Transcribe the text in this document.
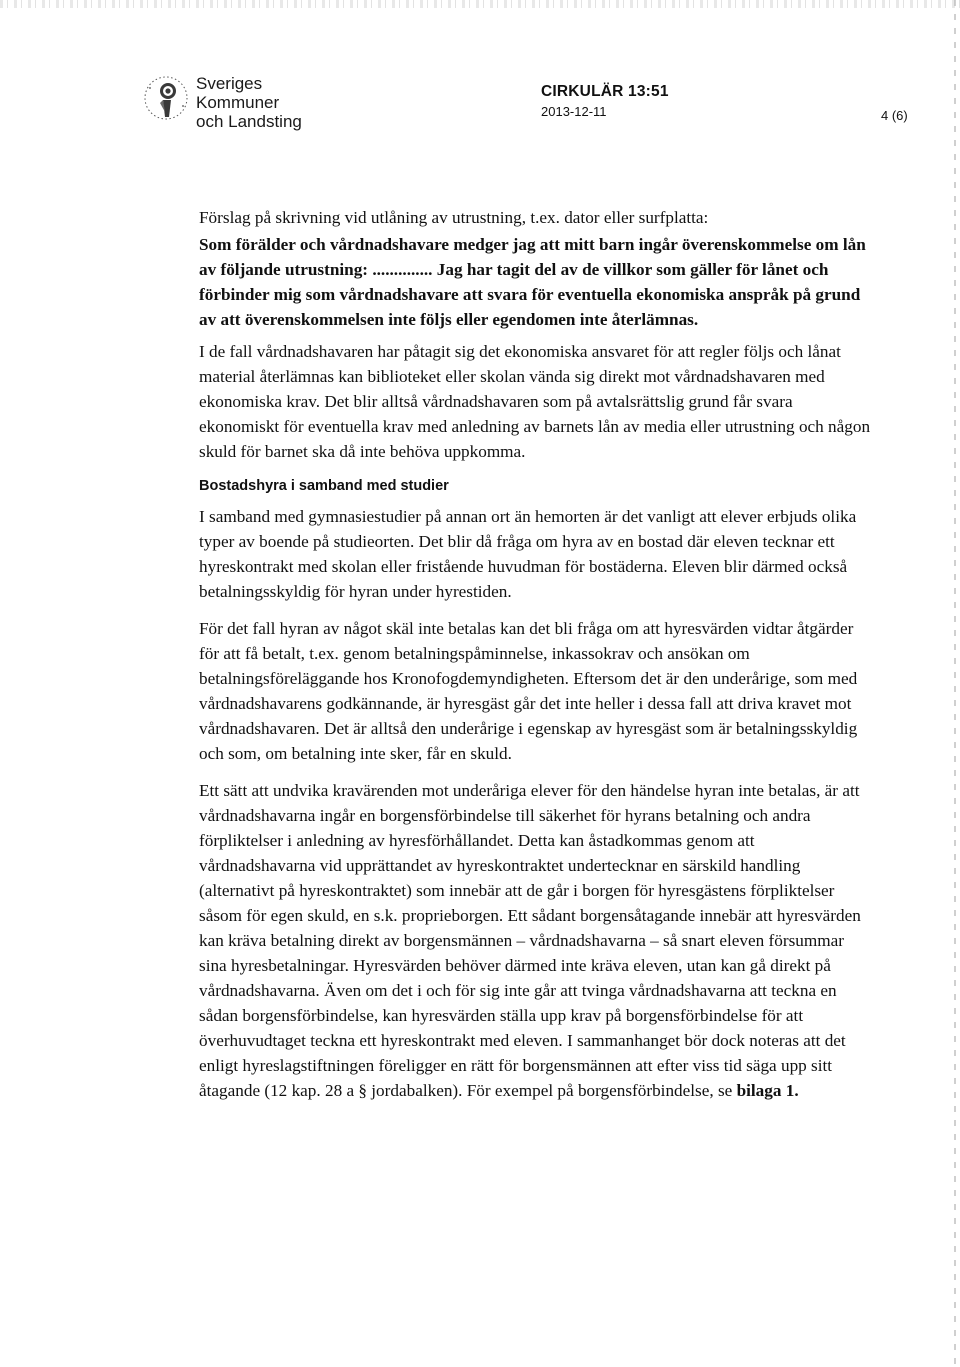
Sveriges
Kommuner
och Landsting
CIRKULÄR 13:51
2013-12-11	4 (6)

Förslag på skrivning vid utlåning av utrustning, t.ex. dator eller surfplatta:

Som förälder och vårdnadshavare medger jag att mitt barn ingår överenskommelse om lån av följande utrustning: .............. Jag har tagit del av de villkor som gäller för lånet och förbinder mig som vårdnadshavare att svara för eventuella ekonomiska anspråk på grund av att överenskommelsen inte följs eller egendomen inte återlämnas.

I de fall vårdnadshavaren har påtagit sig det ekonomiska ansvaret för att regler följs och lånat material återlämnas kan biblioteket eller skolan vända sig direkt mot vårdnadshavaren med ekonomiska krav. Det blir alltså vårdnadshavaren som på avtalsrättslig grund får svara ekonomiskt för eventuella krav med anledning av barnets lån av media eller utrustning och någon skuld för barnet ska då inte behöva uppkomma.

Bostadshyra i samband med studier

I samband med gymnasiestudier på annan ort än hemorten är det vanligt att elever erbjuds olika typer av boende på studieorten. Det blir då fråga om hyra av en bostad där eleven tecknar ett hyreskontrakt med skolan eller fristående huvudman för bostäderna. Eleven blir därmed också betalningsskyldig för hyran under hyrestiden.

För det fall hyran av något skäl inte betalas kan det bli fråga om att hyresvärden vidtar åtgärder för att få betalt, t.ex. genom betalningspåminnelse, inkassokrav och ansökan om betalningsföreläggande hos Kronofogdemyndigheten. Eftersom det är den underårige, som med vårdnadshavarens godkännande, är hyresgäst går det inte heller i dessa fall att driva kravet mot vårdnadshavaren. Det är alltså den underårige i egenskap av hyresgäst som är betalningsskyldig och som, om betalning inte sker, får en skuld.

Ett sätt att undvika kravärenden mot underåriga elever för den händelse hyran inte betalas, är att vårdnadshavarna ingår en borgensförbindelse till säkerhet för hyrans betalning och andra förpliktelser i anledning av hyresförhållandet. Detta kan åstadkommas genom att vårdnadshavarna vid upprättandet av hyreskontraktet undertecknar en särskild handling (alternativt på hyreskontraktet) som innebär att de går i borgen för hyresgästens förpliktelser såsom för egen skuld, en s.k. proprieborgen. Ett sådant borgensåtagande innebär att hyresvärden kan kräva betalning direkt av borgensmännen – vårdnadshavarna – så snart eleven försummar sina hyresbetalningar. Hyresvärden behöver därmed inte kräva eleven, utan kan gå direkt på vårdnadshavarna. Även om det i och för sig inte går att tvinga vårdnadshavarna att teckna en sådan borgensförbindelse, kan hyresvärden ställa upp krav på borgensförbindelse för att överhuvudtaget teckna ett hyreskontrakt med eleven. I sammanhanget bör dock noteras att det enligt hyreslagstiftningen föreligger en rätt för borgensmännen att efter viss tid säga upp sitt åtagande (12 kap. 28 a § jordabalken). För exempel på borgensförbindelse, se bilaga 1.
